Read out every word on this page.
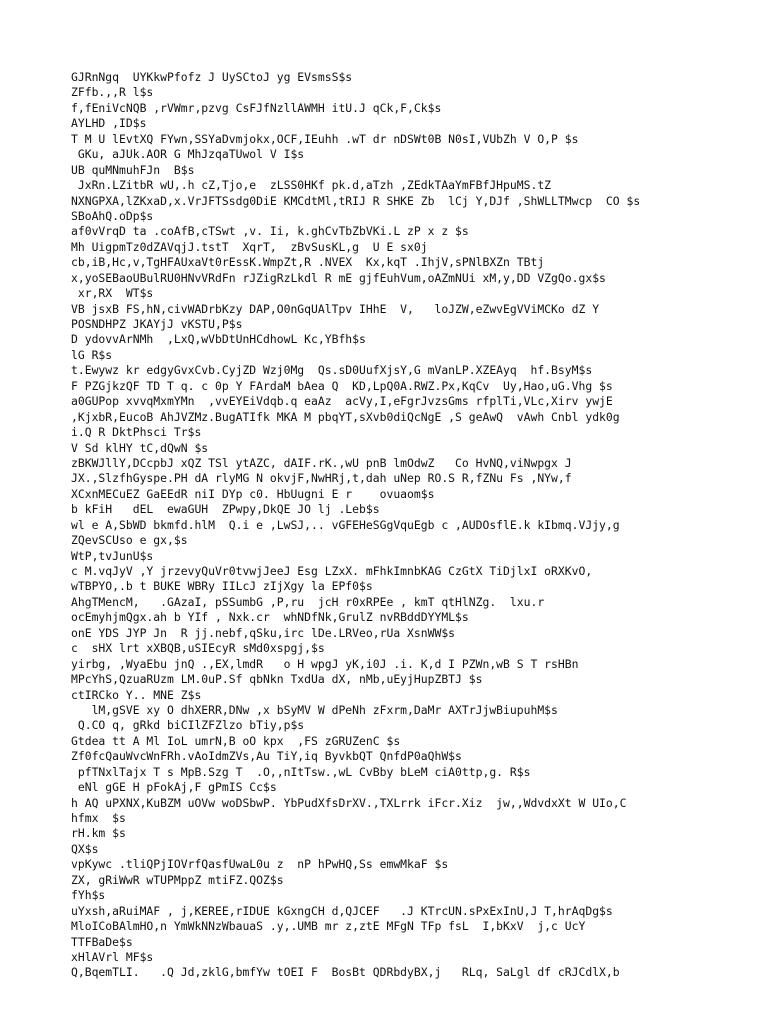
GJRnNgq  UYKkwPfofz J UySCtoJ yg EVsmsS$s
ZFfb.,,R l$s
f,fEniVcNQB ,rVWmr,pzvg CsFJfNzllAWMH itU.J qCk,F,Ck$s
AYLHD ,ID$s
T M U lEvtXQ FYwn,SSYaDvmjokx,OCF,IEuhh .wT dr nDSWt0B N0sI,VUbZh V O,P $s
GKu, aJUk.AOR G MhJzqaTUwol V I$s
UB quMNmuhFJn  B$s
JxRn.LZitbR wU,.h cZ,Tjo,e  zLSS0HKf pk.d,aTzh ,ZEdkTAaYmFBfJHpuMS.tZ
NXNGPXA,lZKxaD,x.VrJFTSsdg0DiE KMCdtMl,tRIJ R SHKE Zb  lCj Y,DJf ,ShWLLTMwcp  CO $s
SBoAhQ.oDp$s
af0vVrqD ta .coAfB,cTSwt ,v. Ii, k.ghCvTbZbVKi.L zP x z $s
Mh UigpmTz0dZAVqjJ.tstT  XqrT,  zBvSusKL,g  U E sx0j
cb,iB,Hc,v,TgHFAUxaVt0rEssK.WmpZt,R .NVEX  Kx,kqT .IhjV,sPNlBXZn TBtj
x,yoSEBaoUBulRU0HNvVRdFn rJZigRzLkdl R mE gjfEuhVum,oAZmNUi xM,y,DD VZgQo.gx$s
xr,RX  WT$s
VB jsxB FS,hN,civWADrbKzy DAP,O0nGqUAlTpv IHhE  V,   loJZW,eZwvEgVViMCKo dZ Y
POSNDHPZ JKAYjJ vKSTU,P$s
D ydovvArNMh  ,LxQ,wVbDtUnHCdhowL Kc,YBfh$s
lG R$s
t.Ewywz kr edgyGvxCvb.CyjZD Wzj0Mg  Qs.sD0UufXjsY,G mVanLP.XZEAyq  hf.BsyM$s
F PZGjkzQF TD T q. c 0p Y FArdaM bAea Q  KD,LpQ0A.RWZ.Px,KqCv  Uy,Hao,uG.Vhg $s
a0GUPop xvvqMxmYMn  ,vvEYEiVdqb.q eaAz  acVy,I,eFgrJvzsGms rfplTi,VLc,Xirv ywjE
,KjxbR,EucoB AhJVZMz.BugATIfk MKA M pbqYT,sXvb0diQcNgE ,S geAwQ  vAwh Cnbl ydk0g
i.Q R DktPhsci Tr$s
V Sd klHY tC,dQwN $s
zBKWJllY,DCcpbJ xQZ TSl ytAZC, dAIF.rK.,wU pnB lmOdwZ   Co HvNQ,viNwpgx J
JX.,SlzfhGyspe.PH dA rlyMG N okvjF,NwHRj,t,dah uNep RO.S R,fZNu Fs ,NYw,f
XCxnMECuEZ GaEEdR niI DYp c0. HbUugni E r    ovuaom$s
b kFiH   dEL  ewaGUH  ZPwpy,DkQE JO lj .Leb$s
wl e A,SbWD bkmfd.hlM  Q.i e ,LwSJ,.. vGFEHeSGgVquEgb c ,AUDOsflE.k kIbmq.VJjy,g
ZQevSCUso e gx,$s
WtP,tvJunU$s
c M.vqJyV ,Y jrzevyQuVr0tvwjJeeJ Esg LZxX. mFhkImnbKAG CzGtX TiDjlxI oRXKvO,
wTBPYO,.b t BUKE WBRy IILcJ zIjXgy la EPf0$s
AhgTMencM,   .GAzaI, pSSumbG ,P,ru  jcH r0xRPEe , kmT qtHlNZg.  lxu.r
ocEmyhjmQgx.ah b YIf , Nxk.cr  whNDfNk,GrulZ nvRBddDYYML$s
onE YDS JYP Jn  R jj.nebf,qSku,irc lDe.LRVeo,rUa XsnWW$s
c  sHX lrt xXBQB,uSIEcyR sMd0xspgj,$s
yirbg, ,WyaEbu jnQ .,EX,lmdR   o H wpgJ yK,i0J .i. K,d I PZWn,wB S T rsHBn
MPcYhS,QzuaRUzm LM.0uP.Sf qbNkn TxdUa dX, nMb,uEyjHupZBTJ $s
ctIRCko Y.. MNE Z$s
lM,gSVE xy O dhXERR,DNw ,x bSyMV W dPeNh zFxrm,DaMr AXTrJjwBiupuhM$s
Q.CO q, gRkd biCIlZFZlzo bTiy,p$s
Gtdea tt A Ml IoL umrN,B oO kpx  ,FS zGRUZenC $s
Zf0fcQauWvcWnFRh.vAoIdmZVs,Au TiY,iq ByvkbQT QnfdP0aQhW$s
pfTNxlTajx T s MpB.Szg T  .O,,nItTsw.,wL CvBby bLeM ciA0ttp,g. R$s
eNl gGE H pFokAj,F gPmIS Cc$s
h AQ uPXNX,KuBZM uOVw woDSbwP. YbPudXfsDrXV.,TXLrrk iFcr.Xiz  jw,,WdvdxXt W UIo,C
hfmx  $s
rH.km $s
QX$s
vpKywc .tliQPjIOVrfQasfUwaL0u z  nP hPwHQ,Ss emwMkaF $s
ZX, gRiWwR wTUPMppZ mtiFZ.QOZ$s
fYh$s
uYxsh,aRuiMAF , j,KEREE,rIDUE kGxngCH d,QJCEF   .J KTrcUN.sPxExInU,J T,hrAqDg$s
MloICoBAlmHO,n YmWkNNzWbauaS .y,.UMB mr z,ztE MFgN TFp fsL  I,bKxV  j,c UcY
TTFBaDe$s
xHlAVrl MF$s
Q,BqemTLI.   .Q Jd,zklG,bmfYw tOEI F  BosBt QDRbdyBX,j   RLq, SaLgl df cRJCdlX,b
